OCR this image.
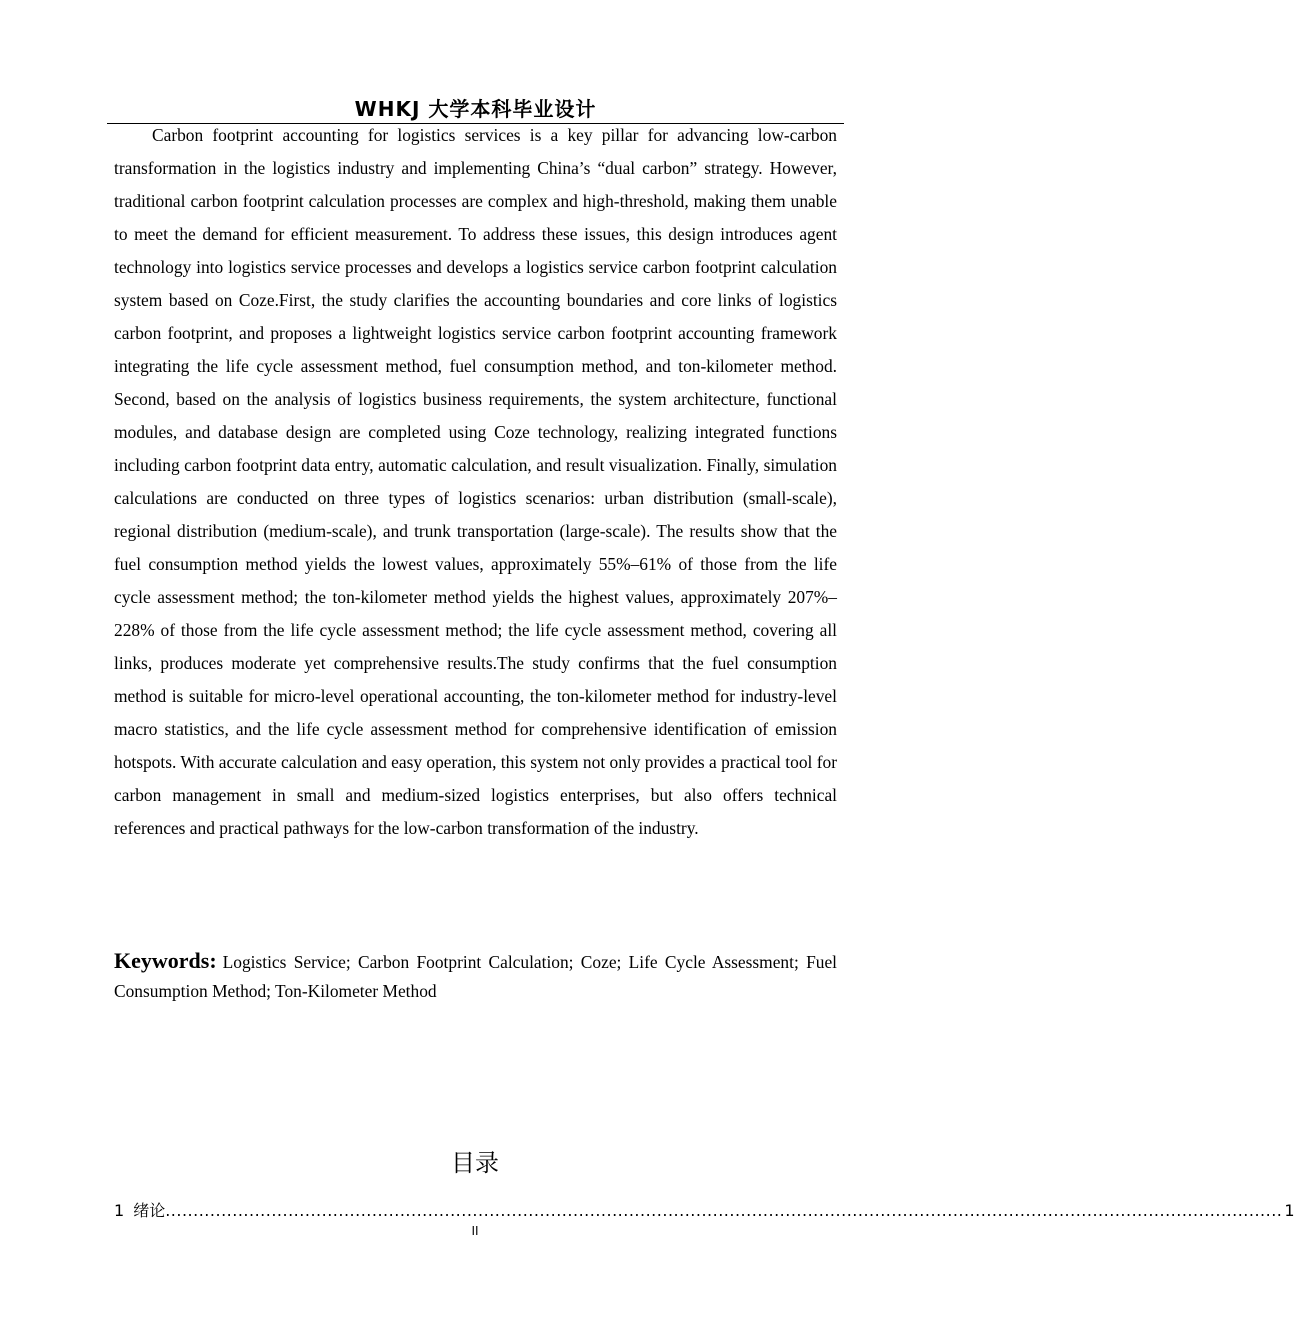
WHKJ 大学本科毕业设计

Carbon footprint accounting for logistics services is a key pillar for advancing low-carbon transformation in the logistics industry and implementing China’s “dual carbon” strategy. However, traditional carbon footprint calculation processes are complex and high-threshold, making them unable to meet the demand for efficient measurement. To address these issues, this design introduces agent technology into logistics service processes and develops a logistics service carbon footprint calculation system based on Coze.First, the study clarifies the accounting boundaries and core links of logistics carbon footprint, and proposes a lightweight logistics service carbon footprint accounting framework integrating the life cycle assessment method, fuel consumption method, and ton-kilometer method. Second, based on the analysis of logistics business requirements, the system architecture, functional modules, and database design are completed using Coze technology, realizing integrated functions including carbon footprint data entry, automatic calculation, and result visualization. Finally, simulation calculations are conducted on three types of logistics scenarios: urban distribution (small-scale), regional distribution (medium-scale), and trunk transportation (large-scale). The results show that the fuel consumption method yields the lowest values, approximately 55%–61% of those from the life cycle assessment method; the ton-kilometer method yields the highest values, approximately 207%–228% of those from the life cycle assessment method; the life cycle assessment method, covering all links, produces moderate yet comprehensive results.The study confirms that the fuel consumption method is suitable for micro-level operational accounting, the ton-kilometer method for industry-level macro statistics, and the life cycle assessment method for comprehensive identification of emission hotspots. With accurate calculation and easy operation, this system not only provides a practical tool for carbon management in small and medium-sized logistics enterprises, but also offers technical references and practical pathways for the low-carbon transformation of the industry.

Keywords: Logistics Service; Carbon Footprint Calculation; Coze; Life Cycle Assessment; Fuel Consumption Method; Ton-Kilometer Method

目录
1 绪论 ........................................................................................................................................................................................................ 1
II
